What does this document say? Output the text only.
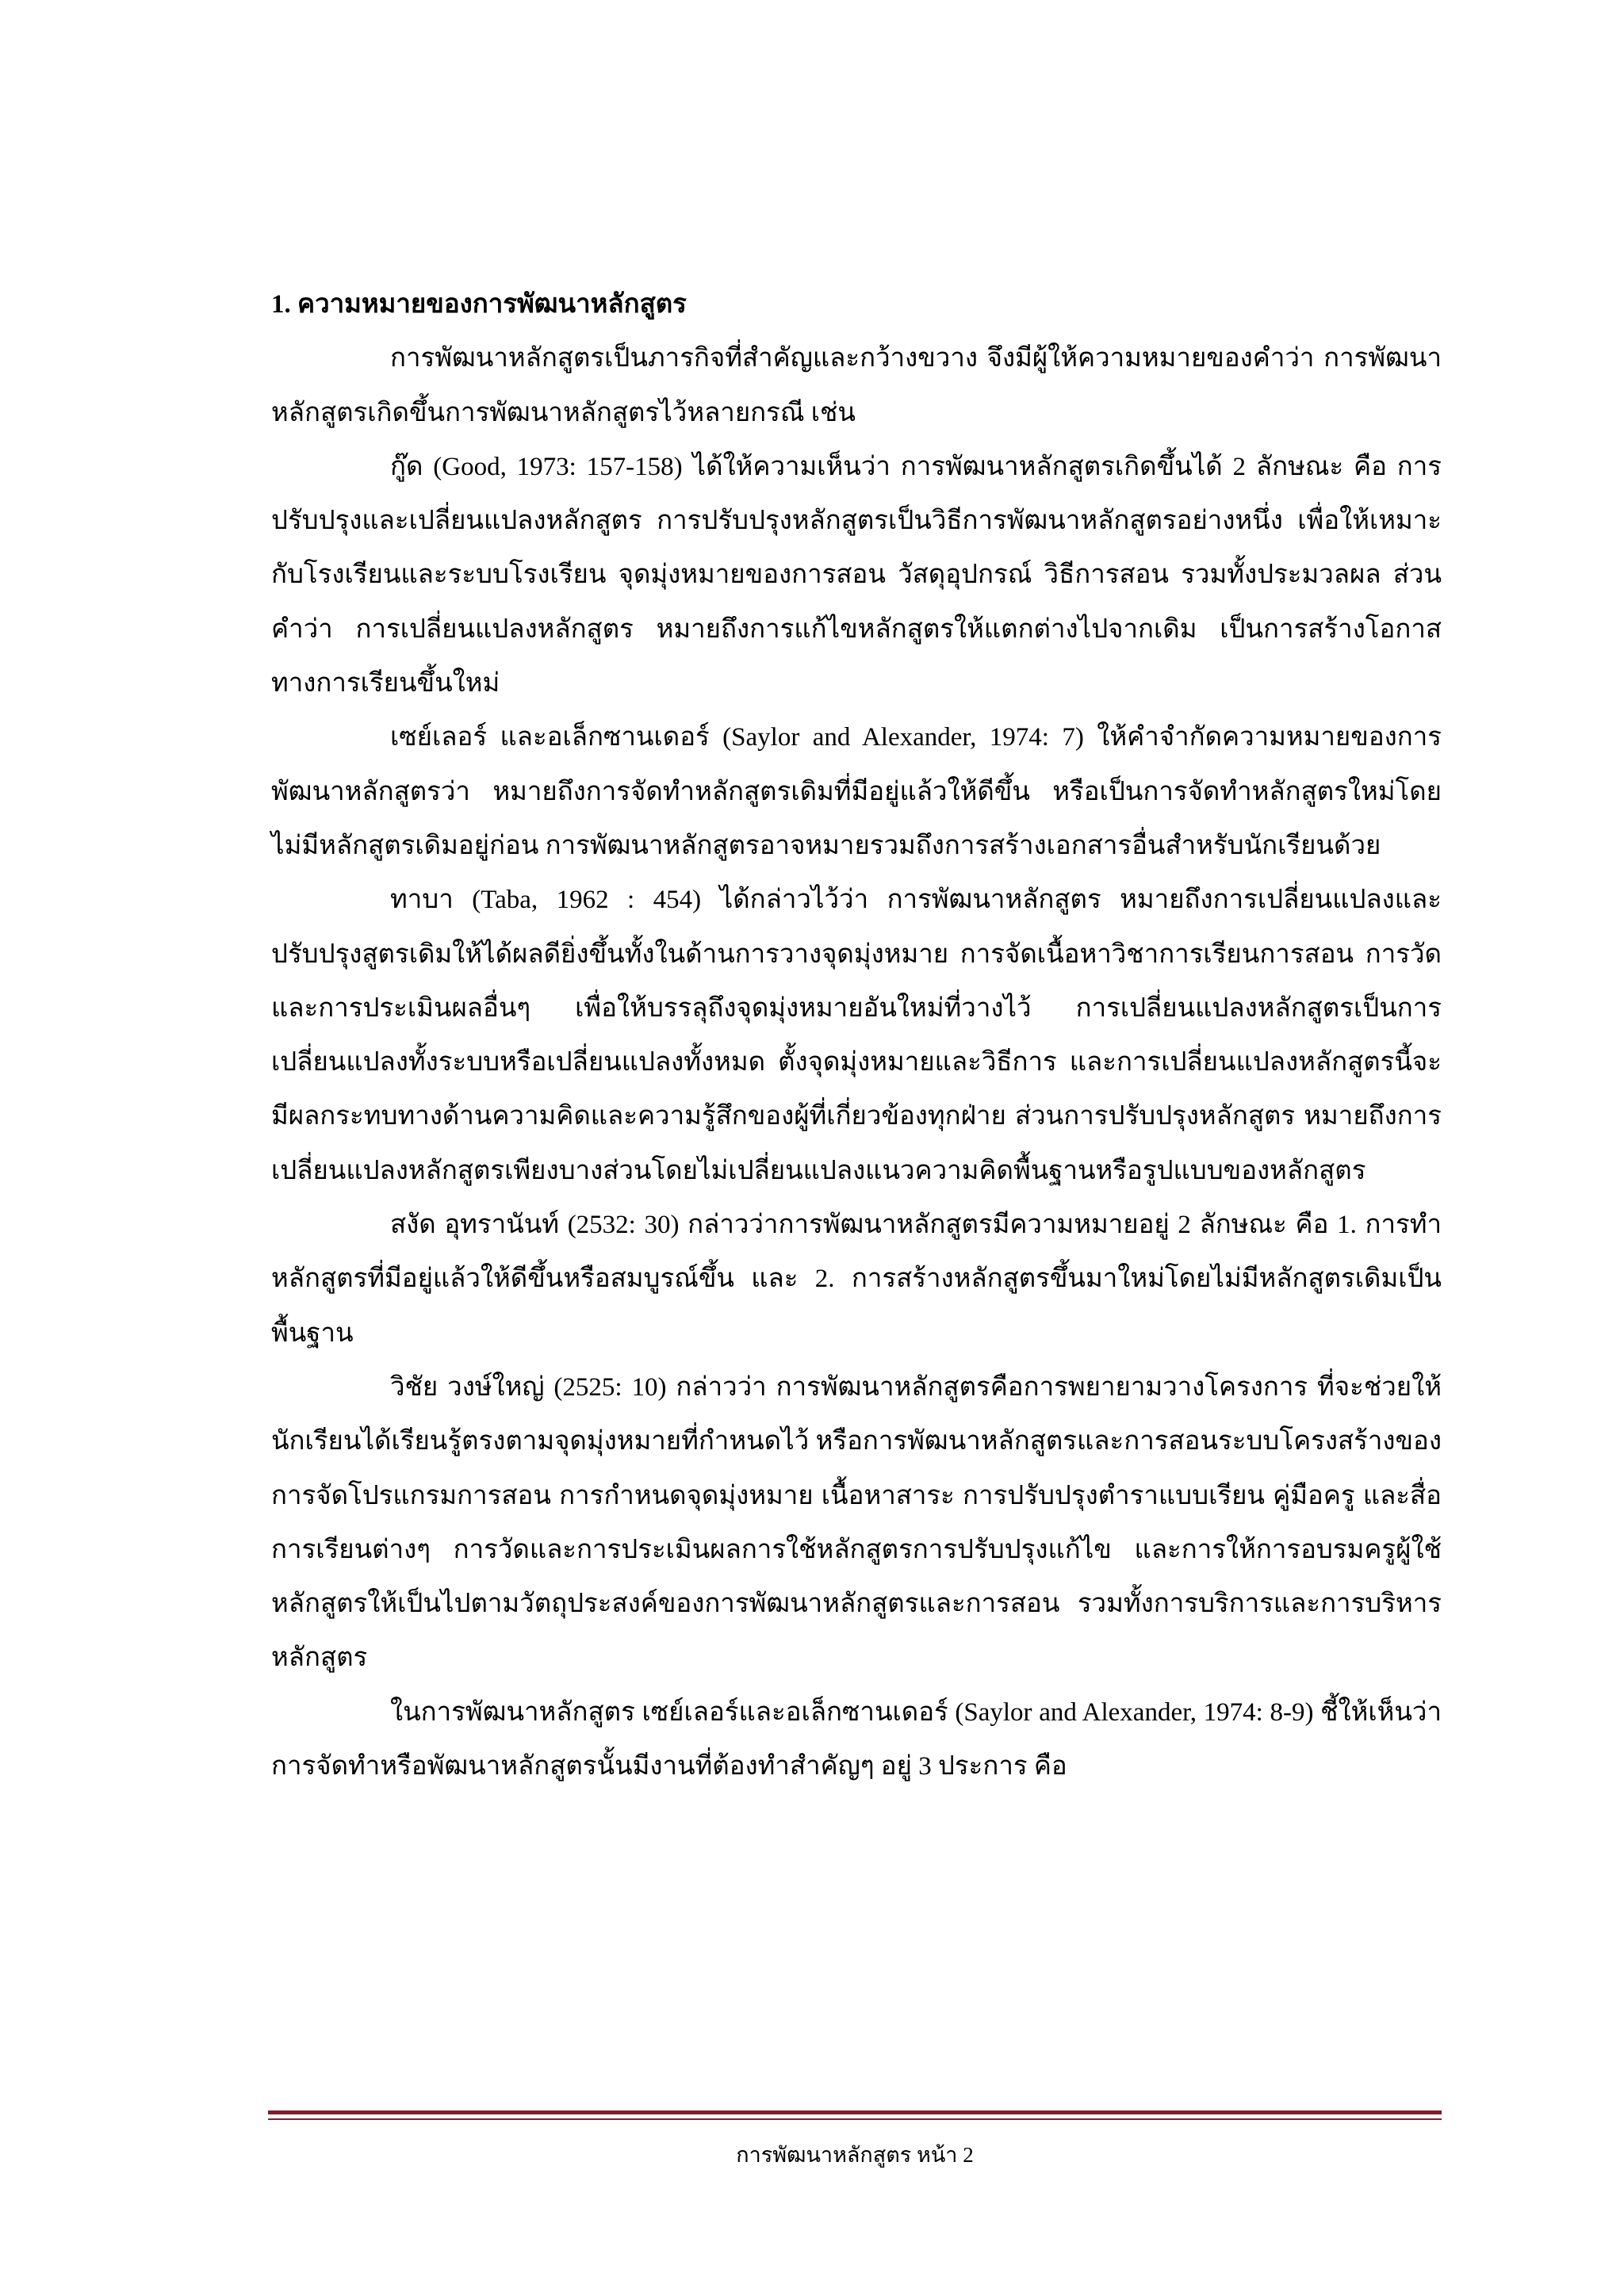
1. ความหมายของการพัฒนาหลักสูตร

การพัฒนาหลักสูตรเป็นภารกิจที่สำคัญและกว้างขวาง จึงมีผู้ให้ความหมายของคำว่า การพัฒนาหลักสูตรเกิดขึ้นการพัฒนาหลักสูตรไว้หลายกรณี เช่น

กู๊ด (Good, 1973: 157-158) ได้ให้ความเห็นว่า การพัฒนาหลักสูตรเกิดขึ้นได้ 2 ลักษณะ คือ การปรับปรุงและเปลี่ยนแปลงหลักสูตร การปรับปรุงหลักสูตรเป็นวิธีการพัฒนาหลักสูตรอย่างหนึ่ง เพื่อให้เหมาะกับโรงเรียนและระบบโรงเรียน จุดมุ่งหมายของการสอน วัสดุอุปกรณ์ วิธีการสอน รวมทั้งประมวลผล ส่วนคำว่า การเปลี่ยนแปลงหลักสูตร หมายถึงการแก้ไขหลักสูตรให้แตกต่างไปจากเดิม เป็นการสร้างโอกาสทางการเรียนขึ้นใหม่

เซย์เลอร์ และอเล็กซานเดอร์ (Saylor and Alexander, 1974: 7) ให้คำจำกัดความหมายของการพัฒนาหลักสูตรว่า หมายถึงการจัดทำหลักสูตรเดิมที่มีอยู่แล้วให้ดีขึ้น หรือเป็นการจัดทำหลักสูตรใหม่โดยไม่มีหลักสูตรเดิมอยู่ก่อน การพัฒนาหลักสูตรอาจหมายรวมถึงการสร้างเอกสารอื่นสำหรับนักเรียนด้วย

ทาบา (Taba, 1962 : 454) ได้กล่าวไว้ว่า การพัฒนาหลักสูตร หมายถึงการเปลี่ยนแปลงและปรับปรุงสูตรเดิมให้ได้ผลดียิ่งขึ้นทั้งในด้านการวางจุดมุ่งหมาย การจัดเนื้อหาวิชาการเรียนการสอน การวัดและการประเมินผลอื่นๆ เพื่อให้บรรลุถึงจุดมุ่งหมายอันใหม่ที่วางไว้ การเปลี่ยนแปลงหลักสูตรเป็นการเปลี่ยนแปลงทั้งระบบหรือเปลี่ยนแปลงทั้งหมด ตั้งจุดมุ่งหมายและวิธีการ และการเปลี่ยนแปลงหลักสูตรนี้จะมีผลกระทบทางด้านความคิดและความรู้สึกของผู้ที่เกี่ยวข้องทุกฝ่าย ส่วนการปรับปรุงหลักสูตร หมายถึงการเปลี่ยนแปลงหลักสูตรเพียงบางส่วนโดยไม่เปลี่ยนแปลงแนวความคิดพื้นฐานหรือรูปแบบของหลักสูตร

สงัด อุทรานันท์ (2532: 30) กล่าวว่าการพัฒนาหลักสูตรมีความหมายอยู่ 2 ลักษณะ คือ 1. การทำหลักสูตรที่มีอยู่แล้วให้ดีขึ้นหรือสมบูรณ์ขึ้น และ 2. การสร้างหลักสูตรขึ้นมาใหม่โดยไม่มีหลักสูตรเดิมเป็นพื้นฐาน

วิชัย วงษ์ใหญ่ (2525: 10) กล่าวว่า การพัฒนาหลักสูตรคือการพยายามวางโครงการ ที่จะช่วยให้นักเรียนได้เรียนรู้ตรงตามจุดมุ่งหมายที่กำหนดไว้ หรือการพัฒนาหลักสูตรและการสอนระบบโครงสร้างของการจัดโปรแกรมการสอน การกำหนดจุดมุ่งหมาย เนื้อหาสาระ การปรับปรุงตำราแบบเรียน คู่มือครู และสื่อการเรียนต่างๆ การวัดและการประเมินผลการใช้หลักสูตรการปรับปรุงแก้ไข และการให้การอบรมครูผู้ใช้หลักสูตรให้เป็นไปตามวัตถุประสงค์ของการพัฒนาหลักสูตรและการสอน รวมทั้งการบริการและการบริหารหลักสูตร

ในการพัฒนาหลักสูตร เซย์เลอร์และอเล็กซานเดอร์ (Saylor and Alexander, 1974: 8-9) ชี้ให้เห็นว่า การจัดทำหรือพัฒนาหลักสูตรนั้นมีงานที่ต้องทำสำคัญๆ อยู่ 3 ประการ คือ

การพัฒนาหลักสูตร หน้า 2
